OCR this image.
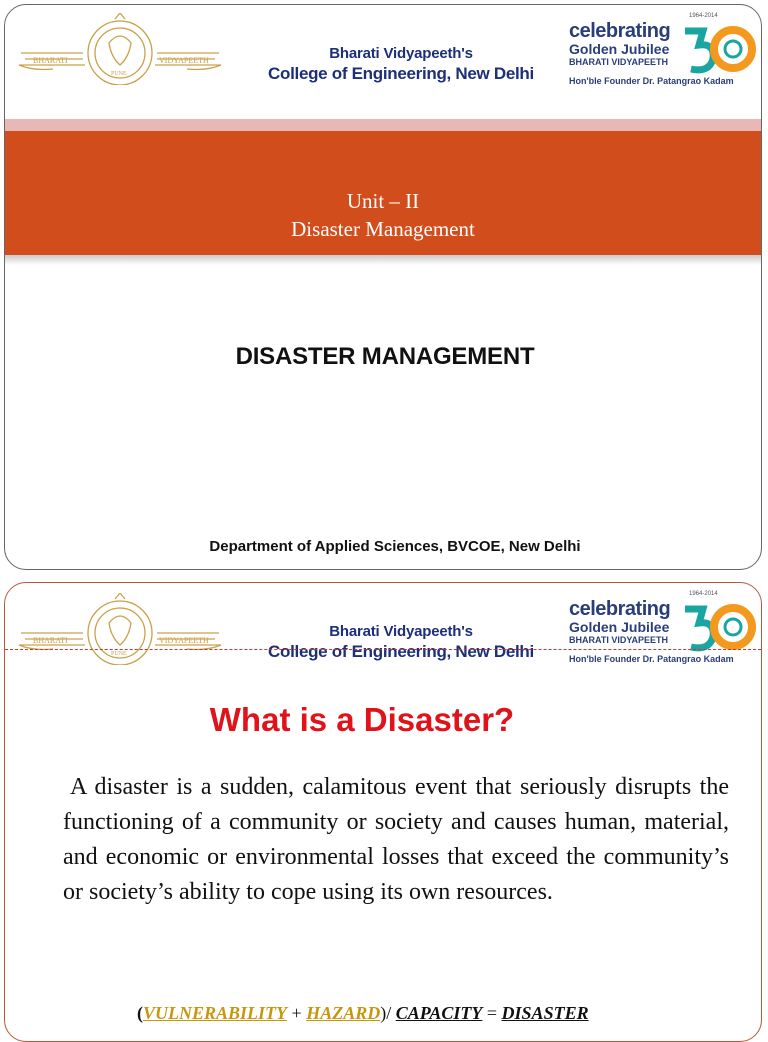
BHARATI	VIDYAPEETH
PUNE
Bharati Vidyapeeth's
College of Engineering, New Delhi
1964-2014
celebrating
Golden Jubilee
BHARATI VIDYAPEETH
Hon'ble Founder Dr. Patangrao Kadam
Unit – II
Disaster Management
DISASTER MANAGEMENT
Department of Applied Sciences, BVCOE, New Delhi
BHARATI	VIDYAPEETH
PUNE
Bharati Vidyapeeth's
College of Engineering, New Delhi
1964-2014
celebrating
Golden Jubilee
BHARATI VIDYAPEETH
Hon'ble Founder Dr. Patangrao Kadam
What is a Disaster?
A disaster is a sudden, calamitous event that seriously disrupts the functioning of a community or society and causes human, material, and economic or environmental losses that exceed the community’s or society’s ability to cope using its own resources.
(VULNERABILITY + HAZARD)/ CAPACITY = DISASTER
